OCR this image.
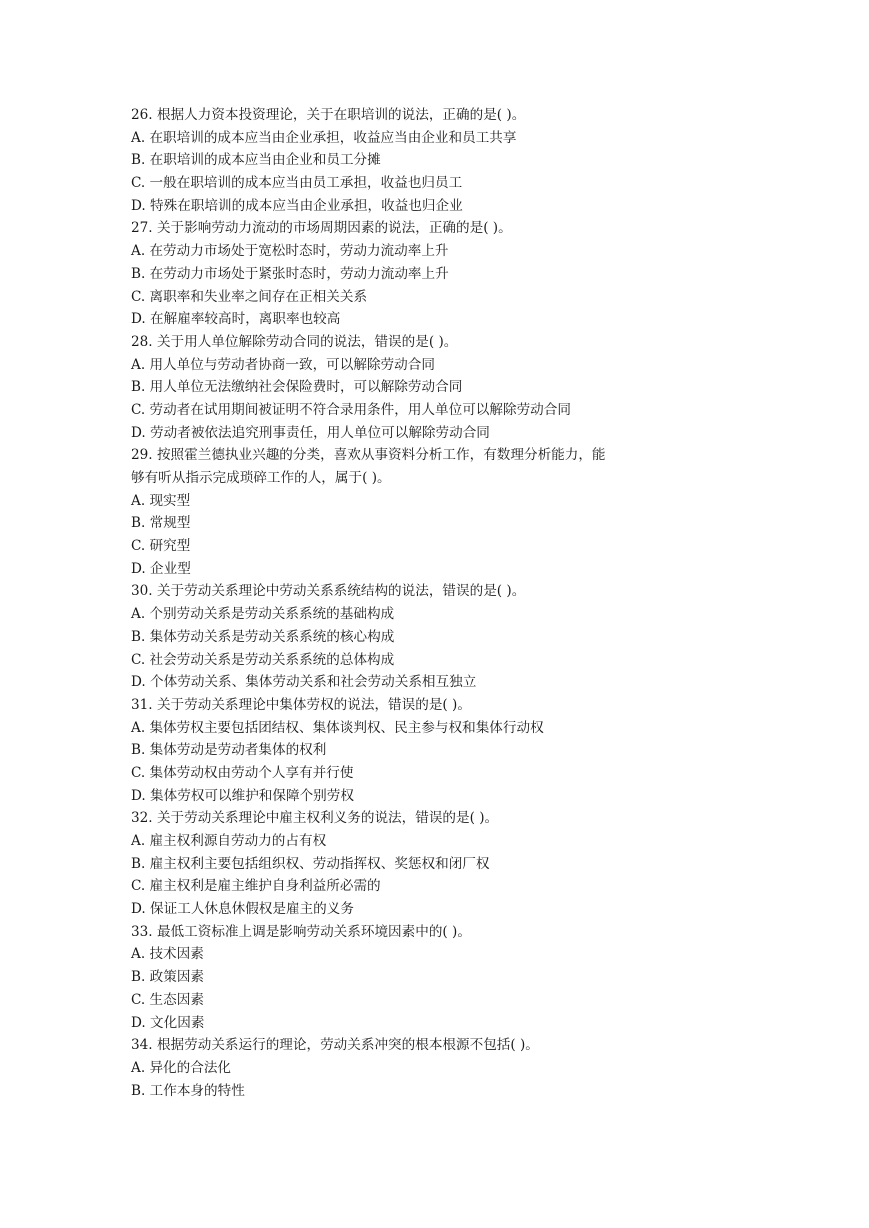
26. 根据人力资本投资理论，关于在职培训的说法，正确的是( )。
A. 在职培训的成本应当由企业承担，收益应当由企业和员工共享
B. 在职培训的成本应当由企业和员工分摊
C. 一般在职培训的成本应当由员工承担，收益也归员工
D. 特殊在职培训的成本应当由企业承担，收益也归企业
27. 关于影响劳动力流动的市场周期因素的说法，正确的是( )。
A. 在劳动力市场处于宽松时态时，劳动力流动率上升
B. 在劳动力市场处于紧张时态时，劳动力流动率上升
C. 离职率和失业率之间存在正相关关系
D. 在解雇率较高时，离职率也较高
28. 关于用人单位解除劳动合同的说法，错误的是( )。
A. 用人单位与劳动者协商一致，可以解除劳动合同
B. 用人单位无法缴纳社会保险费时，可以解除劳动合同
C. 劳动者在试用期间被证明不符合录用条件，用人单位可以解除劳动合同
D. 劳动者被依法追究刑事责任，用人单位可以解除劳动合同
29. 按照霍兰德执业兴趣的分类，喜欢从事资料分析工作，有数理分析能力，能
够有听从指示完成琐碎工作的人，属于( )。
A. 现实型
B. 常规型
C. 研究型
D. 企业型
30. 关于劳动关系理论中劳动关系系统结构的说法，错误的是( )。
A. 个别劳动关系是劳动关系系统的基础构成
B. 集体劳动关系是劳动关系系统的核心构成
C. 社会劳动关系是劳动关系系统的总体构成
D. 个体劳动关系、集体劳动关系和社会劳动关系相互独立
31. 关于劳动关系理论中集体劳权的说法，错误的是( )。
A. 集体劳权主要包括团结权、集体谈判权、民主参与权和集体行动权
B. 集体劳动是劳动者集体的权利
C. 集体劳动权由劳动个人享有并行使
D. 集体劳权可以维护和保障个别劳权
32. 关于劳动关系理论中雇主权利义务的说法，错误的是( )。
A. 雇主权利源自劳动力的占有权
B. 雇主权利主要包括组织权、劳动指挥权、奖惩权和闭厂权
C. 雇主权利是雇主维护自身利益所必需的
D. 保证工人休息休假权是雇主的义务
33. 最低工资标准上调是影响劳动关系环境因素中的( )。
A. 技术因素
B. 政策因素
C. 生态因素
D. 文化因素
34. 根据劳动关系运行的理论，劳动关系冲突的根本根源不包括( )。
A. 异化的合法化
B. 工作本身的特性
